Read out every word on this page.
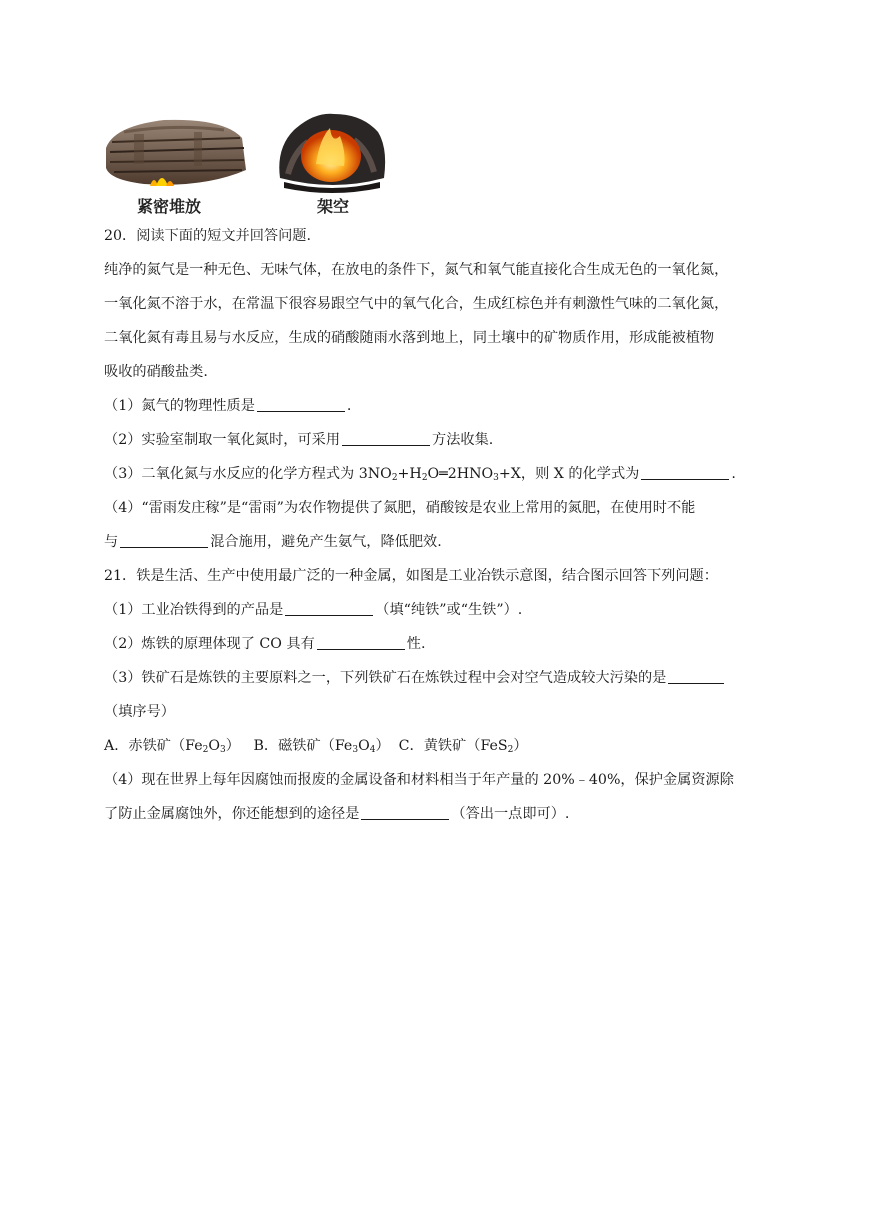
紧密堆放	架空
20．阅读下面的短文并回答问题.
纯净的氮气是一种无色、无味气体，在放电的条件下，氮气和氧气能直接化合生成无色的一氧化氮，
一氧化氮不溶于水，在常温下很容易跟空气中的氧气化合，生成红棕色并有刺激性气味的二氧化氮，
二氧化氮有毒且易与水反应，生成的硝酸随雨水落到地上，同土壤中的矿物质作用，形成能被植物
吸收的硝酸盐类.
（1）氮气的物理性质是	.
（2）实验室制取一氧化氮时，可采用	方法收集.
（3）二氧化氮与水反应的化学方程式为 $3NO_2+H_2O═2HNO_3+X$，则 X 的化学式为	.
（4）“雷雨发庄稼”是“雷雨”为农作物提供了氮肥，硝酸铵是农业上常用的氮肥，在使用时不能
与	混合施用，避免产生氨气，降低肥效.
21．铁是生活、生产中使用最广泛的一种金属，如图是工业冶铁示意图，结合图示回答下列问题：
（1）工业冶铁得到的产品是	（填“纯铁”或“生铁”）.
（2）炼铁的原理体现了 CO 具有	性.
（3）铁矿石是炼铁的主要原料之一，下列铁矿石在炼铁过程中会对空气造成较大污染的是
（填序号）
A．赤铁矿$(Fe_2O_3)$ B．磁铁矿$(Fe_3O_4)$ C．黄铁矿（FeS$_2$）
（4）现在世界上每年因腐蚀而报废的金属设备和材料相当于年产量的 20%﹣40%，保护金属资源除
了防止金属腐蚀外，你还能想到的途径是	（答出一点即可）.
